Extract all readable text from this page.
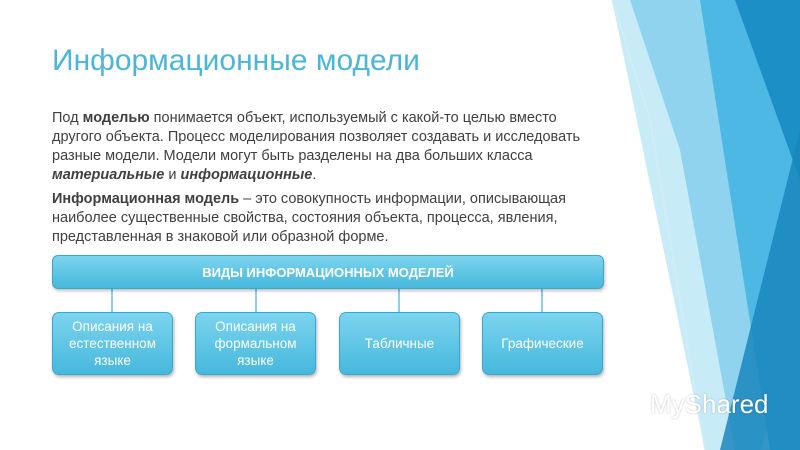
Информационные модели

Под моделью понимается объект, используемый с какой-то целью вместо другого объекта. Процесс моделирования позволяет создавать и исследовать разные модели. Модели могут быть разделены на два больших класса материальные и информационные.

Информационная модель – это совокупность информации, описывающая наиболее существенные свойства, состояния объекта, процесса, явления, представленная в знаковой или образной форме.

ВИДЫ ИНФОРМАЦИОННЫХ МОДЕЛЕЙ
Описания на естественном языке
Описания на формальном языке
Табличные	Графические
MyShared
